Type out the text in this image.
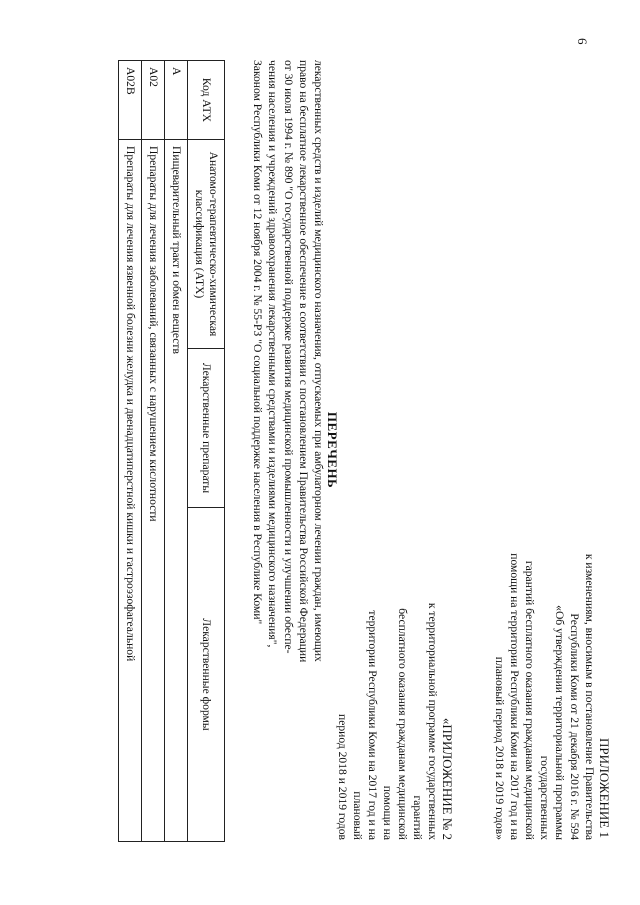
6

ПРИЛОЖЕНИЕ 1

к изменениям, вносимым в постановление Правительства

Республики Коми от 21 декабря 2016 г. № 594

«Об утверждении территориальной программы государственных

гарантий бесплатного оказания гражданам медицинской

помощи на территории Республики Коми на 2017 год и на

плановый период 2018 и 2019 годов»

«ПРИЛОЖЕНИЕ № 2

к территориальной программе государственных гарантий

бесплатного оказания гражданам медицинской помощи на

территории Республики Коми на 2017 год и на плановый

период 2018 и 2019 годов

ПЕРЕЧЕНЬ

лекарственных средств и изделий медицинского назначения, отпускаемых при амбулаторном лечении граждан, имеющих

право на бесплатное лекарственное обеспечение в соответствии с постановлением Правительства Российской Федерации

от 30 июля 1994 г. № 890 "О государственной поддержке развития медицинской промышленности и улучшении обеспе-

чения населения и учреждений здравоохранения лекарственными средствами и изделиями медицинского назначения",

Законом Республики Коми от 12 ноября 2004 г. № 55-РЗ "О социальной поддержке населения в Республике Коми"

Код АТХ	Анатомо-терапевтическо-химическая классификация (АТХ)	Лекарственные препараты	Лекарственные формы
А	Пищеварительный тракт и обмен веществ		
А02	Препараты для лечения заболеваний, связанных с нарушением кислотности		
А02В	Препараты для лечения язвенной болезни желудка и двенадцатиперстной кишки и гастроэзофагеальной		
